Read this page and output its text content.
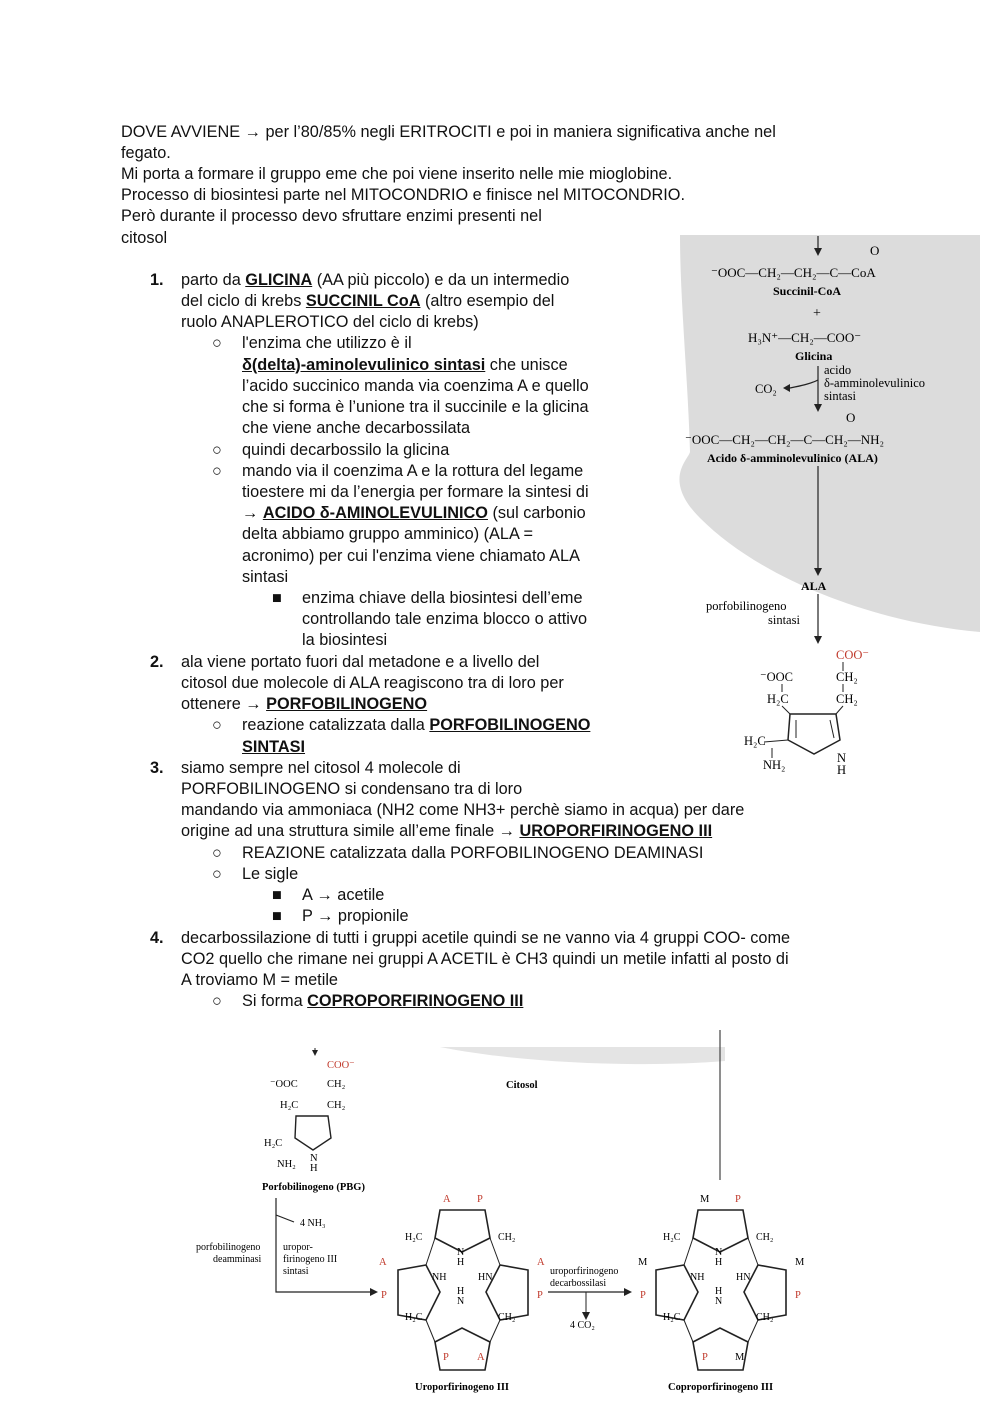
DOVE AVVIENE → per l’80/85% negli ERITROCITI e poi in maniera significativa anche nel
fegato.
Mi porta a formare il gruppo eme che poi viene inserito nelle mie mioglobine.
Processo di biosintesi parte nel MITOCONDRIO e finisce nel MITOCONDRIO.
Però durante il processo devo sfruttare enzimi presenti nel
citosol
1. parto da GLICINA (AA più piccolo) e da un intermedio
del ciclo di krebs SUCCINIL CoA (altro esempio del
ruolo ANAPLEROTICO del ciclo di krebs)
○ l'enzima che utilizzo è il
δ(delta)-aminolevulinico sintasi che unisce
l’acido succinico manda via coenzima A e quello
che si forma è l’unione tra il succinile e la glicina
che viene anche decarbossilata
○ quindi decarbossilo la glicina
○ mando via il coenzima A e la rottura del legame
tioestere mi da l’energia per formare la sintesi di
→ ACIDO δ-AMINOLEVULINICO (sul carbonio
delta abbiamo gruppo amminico) (ALA =
acronimo) per cui l'enzima viene chiamato ALA
sintasi
■ enzima chiave della biosintesi dell’eme
controllando tale enzima blocco o attivo
la biosintesi
2. ala viene portato fuori dal metadone e a livello del
citosol due molecole di ALA reagiscono tra di loro per
ottenere → PORFOBILINOGENO
○ reazione catalizzata dalla PORFOBILINOGENO
SINTASI
3. siamo sempre nel citosol 4 molecole di
PORFOBILINOGENO si condensano tra di loro
mandando via ammoniaca (NH2 come NH3+ perchè siamo in acqua) per dare
origine ad una struttura simile all’eme finale → UROPORFIRINOGENO III
○ REAZIONE catalizzata dalla PORFOBILINOGENO DEAMINASI
○ Le sigle
■ A → acetile
■ P → propionile
4. decarbossilazione di tutti i gruppi acetile quindi se ne vanno via 4 gruppi COO- come
CO2 quello che rimane nei gruppi A ACETIL è CH3 quindi un metile infatti al posto di
A troviamo M = metile
○ Si forma COPROPORFIRINOGENO III
O
⁻OOC—CH₂—CH₂—C—CoA
Succinil-CoA
+
H₃N⁺—CH₂—COO⁻
Glicina
acido
δ-amminolevulinico
sintasi
CO₂
O
⁻OOC—CH₂—CH₂—C—CH₂—NH₂
Acido δ-amminolevulinico (ALA)
ALA
porfobilinogeno
sintasi
COO⁻
⁻OOC	CH₂
H₂C	CH₂
H₂C
NH₂	N
H
Citosol
COO⁻
⁻OOC	CH₂
H₂C	CH₂
H₂C
NH₂
N
H
Porfobilinogeno (PBG)
4 NH₃
porfobilinogeno
deamminasi
uropor-
firinogeno III
sintasi	uroporfirinogeno
decarbossilasi
4 CO₂
A	P
A
P
A
P
P	A
H₂C	CH₂
H₂C	CH₂
N
H
NH	HN
H
N
Uroporfirinogeno III
M P
M
P
M
P
P	M
H₂C	CH₂
H₂C	CH₂
N
H
NH	HN
H
N
Coproporfirinogeno III
